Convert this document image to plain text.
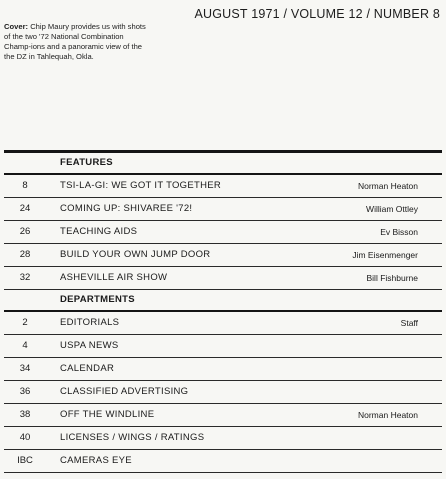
AUGUST 1971 / VOLUME 12 / NUMBER 8
Cover: Chip Maury provides us with shots of the two '72 National Combination Champ-ions and a panoramic view of the the DZ in Tahlequah, Okla.
FEATURES
8	TSI-LA-GI: WE GOT IT TOGETHER	Norman Heaton
24	COMING UP: SHIVAREE '72!	William Ottley
26	TEACHING AIDS	Ev Bisson
28	BUILD YOUR OWN JUMP DOOR	Jim Eisenmenger
32	ASHEVILLE AIR SHOW	Bill Fishburne
DEPARTMENTS
2	EDITORIALS	Staff
4	USPA NEWS
34	CALENDAR
36	CLASSIFIED ADVERTISING
38	OFF THE WINDLINE	Norman Heaton
40	LICENSES / WINGS / RATINGS
IBC	CAMERAS EYE
